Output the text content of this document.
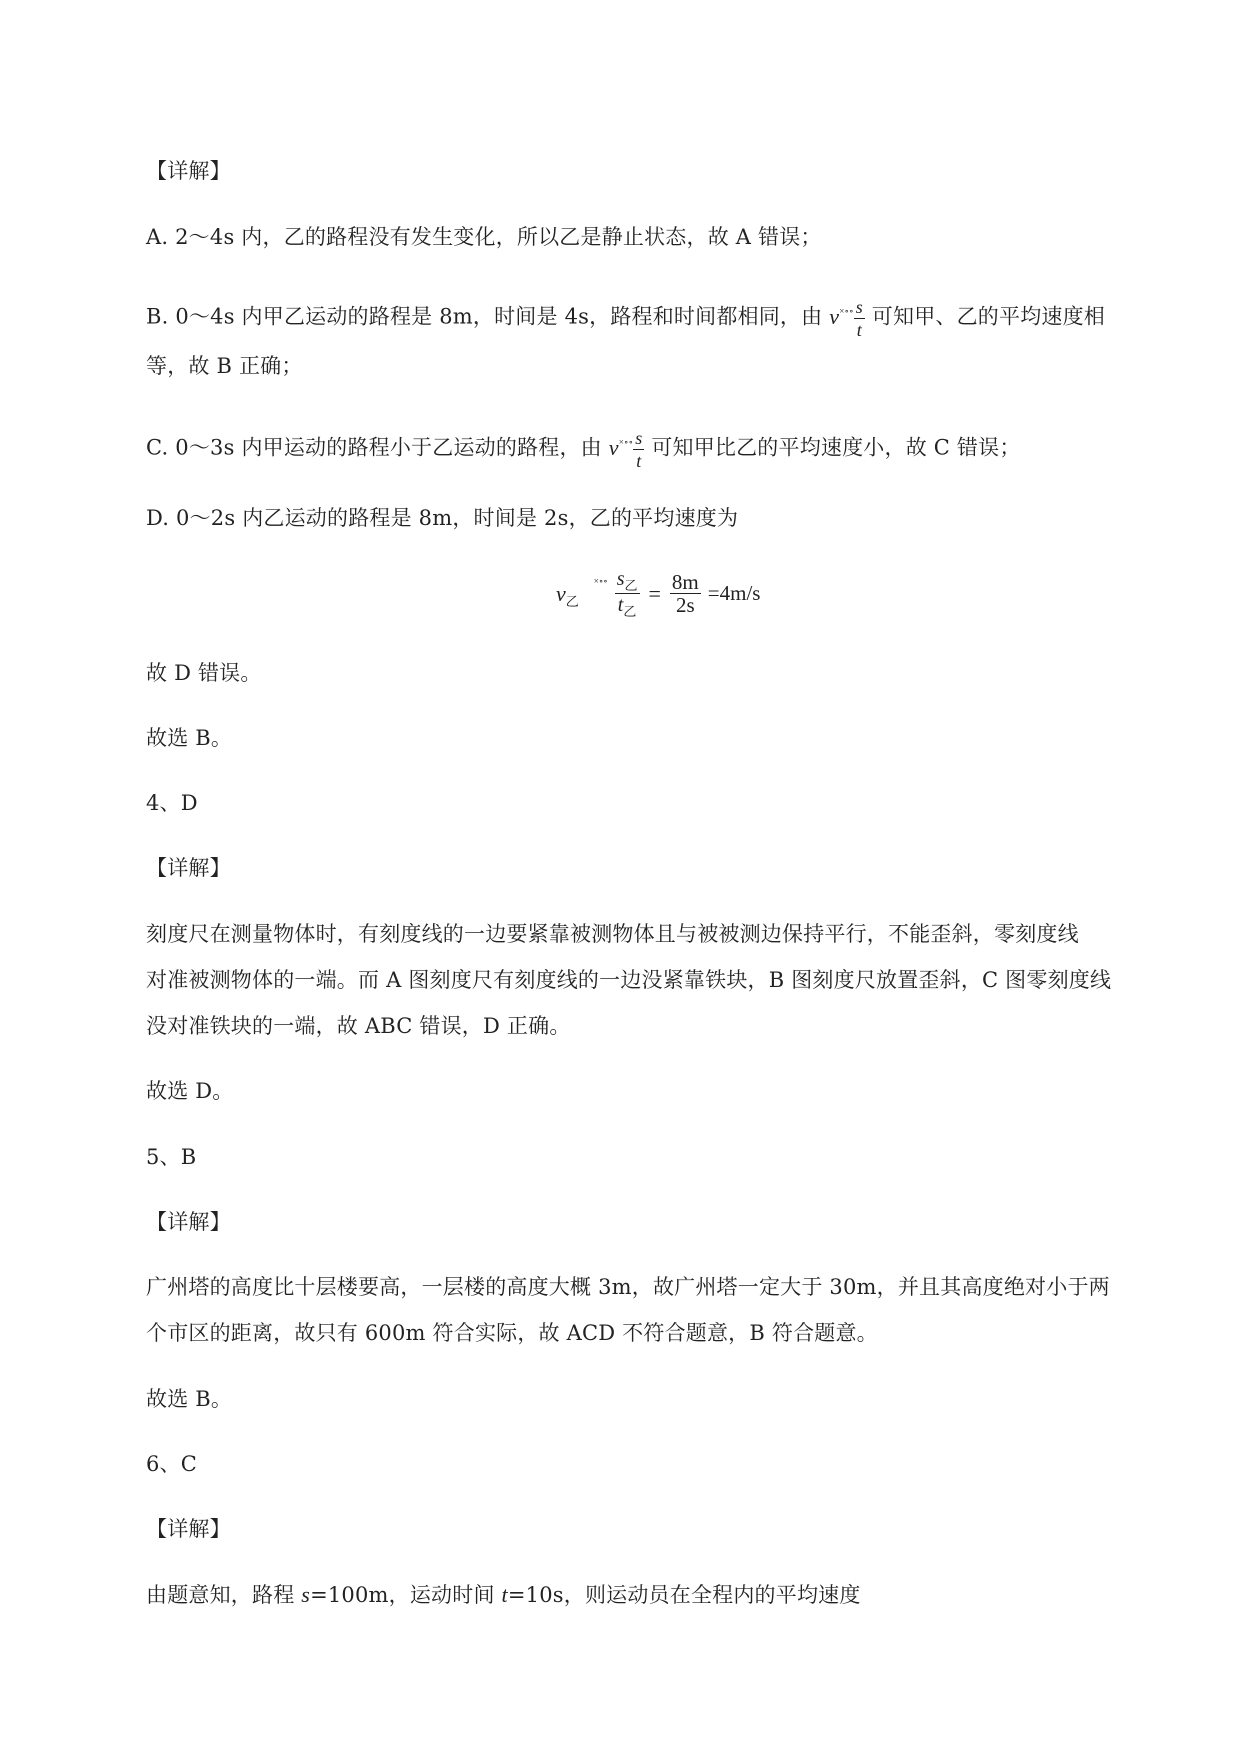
【详解】
A. 2～4s 内，乙的路程没有发生变化，所以乙是静止状态，故 A 错误；
B. 0～4s 内甲乙运动的路程是 8m，时间是 4s，路程和时间都相同，由 $v^{\times\circ\circ} \frac{s}{t}$ 可知甲、乙的平均速度相
等，故 B 正确；
C. 0～3s 内甲运动的路程小于乙运动的路程，由 $v^{\times\circ\circ} \frac{s}{t}$ 可知甲比乙的平均速度小，故 C 错误；
D. 0～2s 内乙运动的路程是 8m，时间是 2s，乙的平均速度为
$v_乙$ ×∘∘ $\frac{s_乙}{t_乙} = \frac{8m}{2s} =4m/s$
故 D 错误。
故选 B。
4、D
【详解】
刻度尺在测量物体时，有刻度线的一边要紧靠被测物体且与被被测边保持平行，不能歪斜，零刻度线
对准被测物体的一端。而 A 图刻度尺有刻度线的一边没紧靠铁块，B 图刻度尺放置歪斜，C 图零刻度线
没对准铁块的一端，故 ABC 错误，D 正确。
故选 D。
5、B
【详解】
广州塔的高度比十层楼要高，一层楼的高度大概 3m，故广州塔一定大于 30m，并且其高度绝对小于两
个市区的距离，故只有 600m 符合实际，故 ACD 不符合题意，B 符合题意。
故选 B。
6、C
【详解】
由题意知，路程 s=100m，运动时间 t=10s，则运动员在全程内的平均速度
